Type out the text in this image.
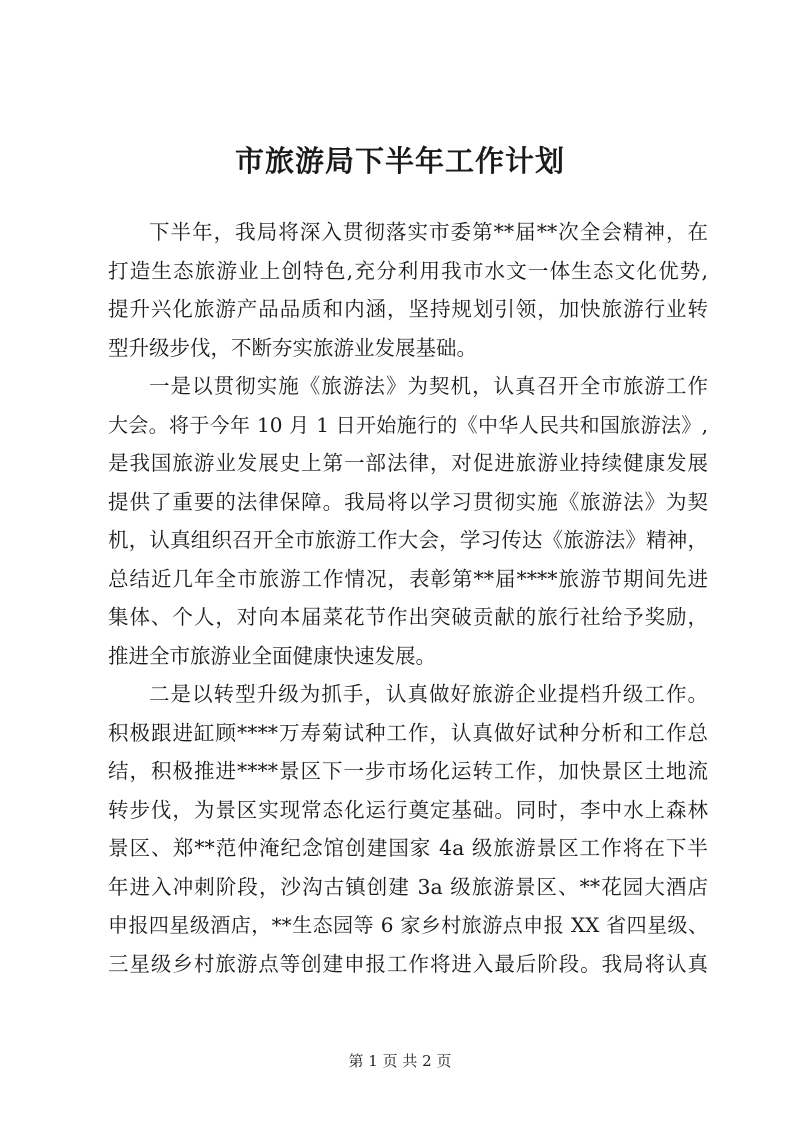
市旅游局下半年工作计划
下半年，我局将深入贯彻落实市委第**届**次全会精神，在
打造生态旅游业上创特色,充分利用我市水文一体生态文化优势,
提升兴化旅游产品品质和内涵，坚持规划引领，加快旅游行业转
型升级步伐，不断夯实旅游业发展基础。
一是以贯彻实施《旅游法》为契机，认真召开全市旅游工作
大会。将于今年 10 月 1 日开始施行的《中华人民共和国旅游法》,
是我国旅游业发展史上第一部法律，对促进旅游业持续健康发展
提供了重要的法律保障。我局将以学习贯彻实施《旅游法》为契
机，认真组织召开全市旅游工作大会，学习传达《旅游法》精神，
总结近几年全市旅游工作情况，表彰第**届****旅游节期间先进
集体、个人，对向本届菜花节作出突破贡献的旅行社给予奖励，
推进全市旅游业全面健康快速发展。
二是以转型升级为抓手，认真做好旅游企业提档升级工作。
积极跟进缸顾****万寿菊试种工作，认真做好试种分析和工作总
结，积极推进****景区下一步市场化运转工作，加快景区土地流
转步伐，为景区实现常态化运行奠定基础。同时，李中水上森林
景区、郑**范仲淹纪念馆创建国家 4a 级旅游景区工作将在下半
年进入冲刺阶段，沙沟古镇创建 3a 级旅游景区、**花园大酒店
申报四星级酒店，**生态园等 6 家乡村旅游点申报 XX 省四星级、
三星级乡村旅游点等创建申报工作将进入最后阶段。我局将认真
第 1 页 共 2 页
